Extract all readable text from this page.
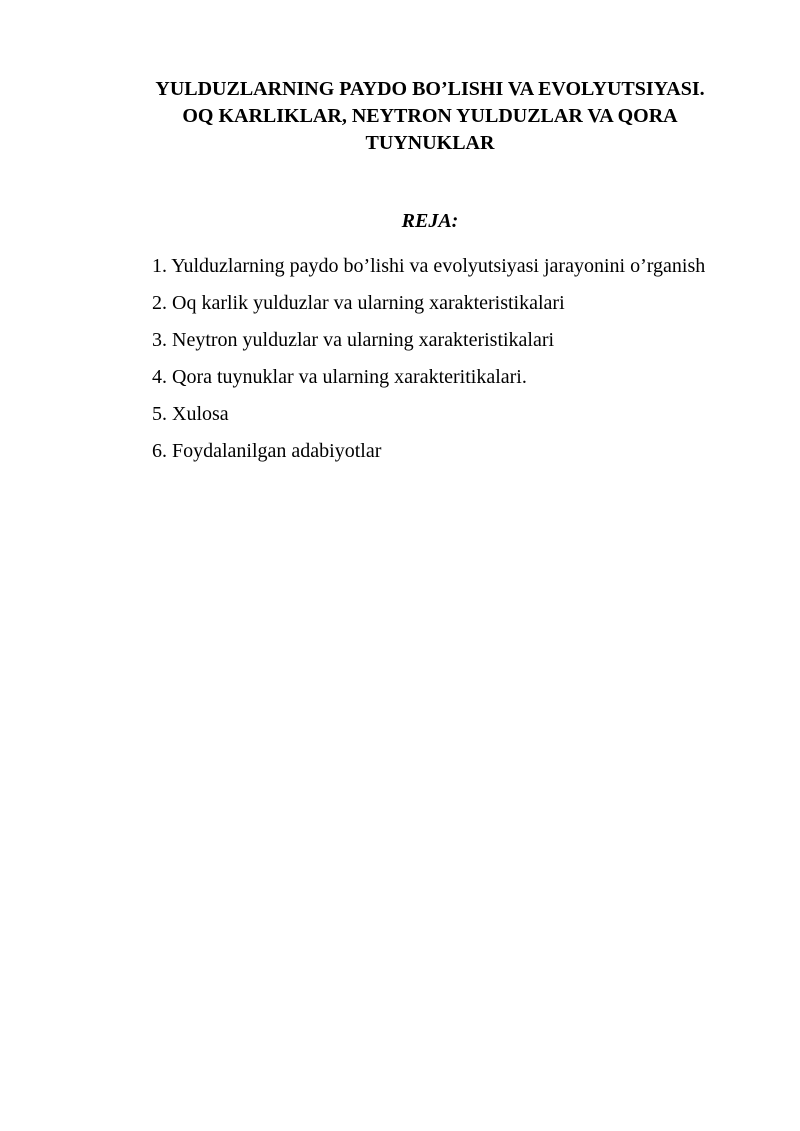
YULDUZLARNING PAYDO BO’LISHI VA EVOLYUTSIYASI.
OQ KARLIKLAR, NEYTRON YULDUZLAR VA QORA
TUYNUKLAR
REJA:
1. Yulduzlarning paydo bo’lishi va evolyutsiyasi jarayonini o’rganish
2. Oq karlik yulduzlar va ularning xarakteristikalari
3. Neytron yulduzlar va ularning xarakteristikalari
4. Qora tuynuklar va ularning xarakteritikalari.
5. Xulosa
6. Foydalanilgan adabiyotlar
